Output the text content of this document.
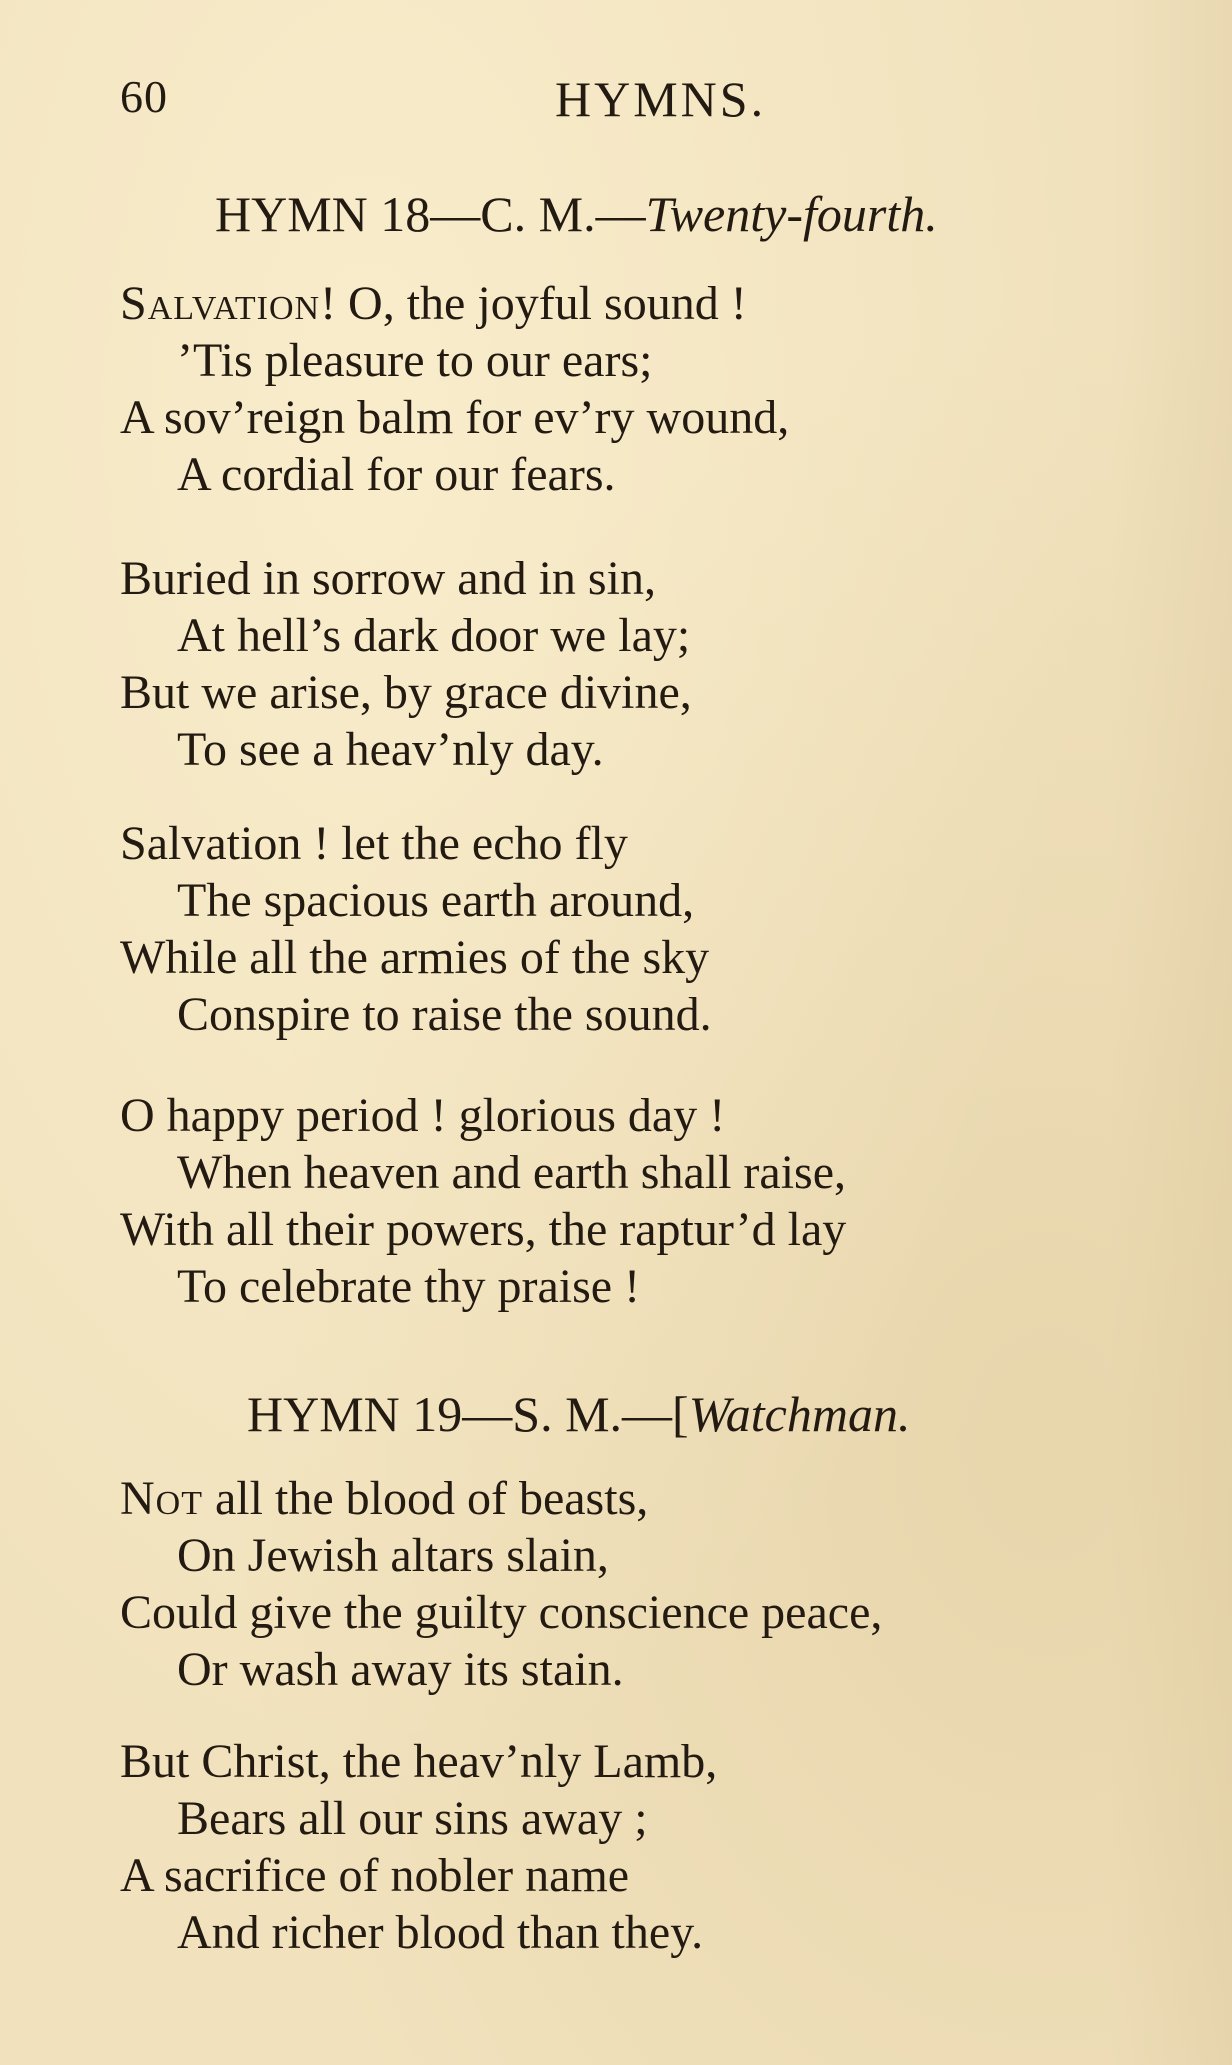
60	HYMNS.
HYMN 18—C. M.—Twenty-fourth.
Salvation! O, the joyful sound !
’Tis pleasure to our ears;
A sov’reign balm for ev’ry wound,
A cordial for our fears.
Buried in sorrow and in sin,
At hell’s dark door we lay;
But we arise, by grace divine,
To see a heav’nly day.
Salvation ! let the echo fly
The spacious earth around,
While all the armies of the sky
Conspire to raise the sound.
O happy period ! glorious day !
When heaven and earth shall raise,
With all their powers, the raptur’d lay
To celebrate thy praise !
HYMN 19—S. M.—[Watchman.
Not all the blood of beasts,
On Jewish altars slain,
Could give the guilty conscience peace,
Or wash away its stain.
But Christ, the heav’nly Lamb,
Bears all our sins away ;
A sacrifice of nobler name
And richer blood than they.
